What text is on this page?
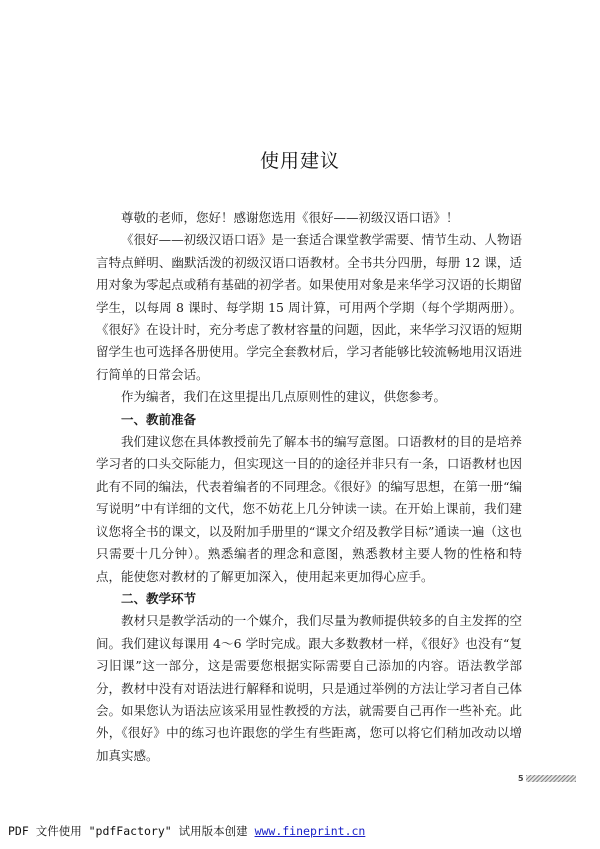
使用建议

尊敬的老师，您好！感谢您选用《很好——初级汉语口语》！

《很好——初级汉语口语》是一套适合课堂教学需要、情节生动、人物语言特点鲜明、幽默活泼的初级汉语口语教材。全书共分四册，每册 12 课，适用对象为零起点或稍有基础的初学者。如果使用对象是来华学习汉语的长期留学生，以每周 8 课时、每学期 15 周计算，可用两个学期（每个学期两册）。《很好》在设计时，充分考虑了教材容量的问题，因此，来华学习汉语的短期留学生也可选择各册使用。学完全套教材后，学习者能够比较流畅地用汉语进行简单的日常会话。

作为编者，我们在这里提出几点原则性的建议，供您参考。

一、教前准备

我们建议您在具体教授前先了解本书的编写意图。口语教材的目的是培养学习者的口头交际能力，但实现这一目的的途径并非只有一条，口语教材也因此有不同的编法，代表着编者的不同理念。《很好》的编写思想，在第一册“编写说明”中有详细的文代，您不妨花上几分钟读一读。在开始上课前，我们建议您将全书的课文，以及附加手册里的“课文介绍及教学目标”通读一遍（这也只需要十几分钟）。熟悉编者的理念和意图，熟悉教材主要人物的性格和特点，能使您对教材的了解更加深入，使用起来更加得心应手。

二、教学环节

教材只是教学活动的一个媒介，我们尽量为教师提供较多的自主发挥的空间。我们建议每课用 4～6 学时完成。跟大多数教材一样，《很好》也没有“复习旧课”这一部分，这是需要您根据实际需要自己添加的内容。语法教学部分，教材中没有对语法进行解释和说明，只是通过举例的方法让学习者自己体会。如果您认为语法应该采用显性教授的方法，就需要自己再作一些补充。此外，《很好》中的练习也许跟您的学生有些距离，您可以将它们稍加改动以增加真实感。

5
PDF 文件使用 "pdfFactory" 试用版本创建 www.fineprint.cn
